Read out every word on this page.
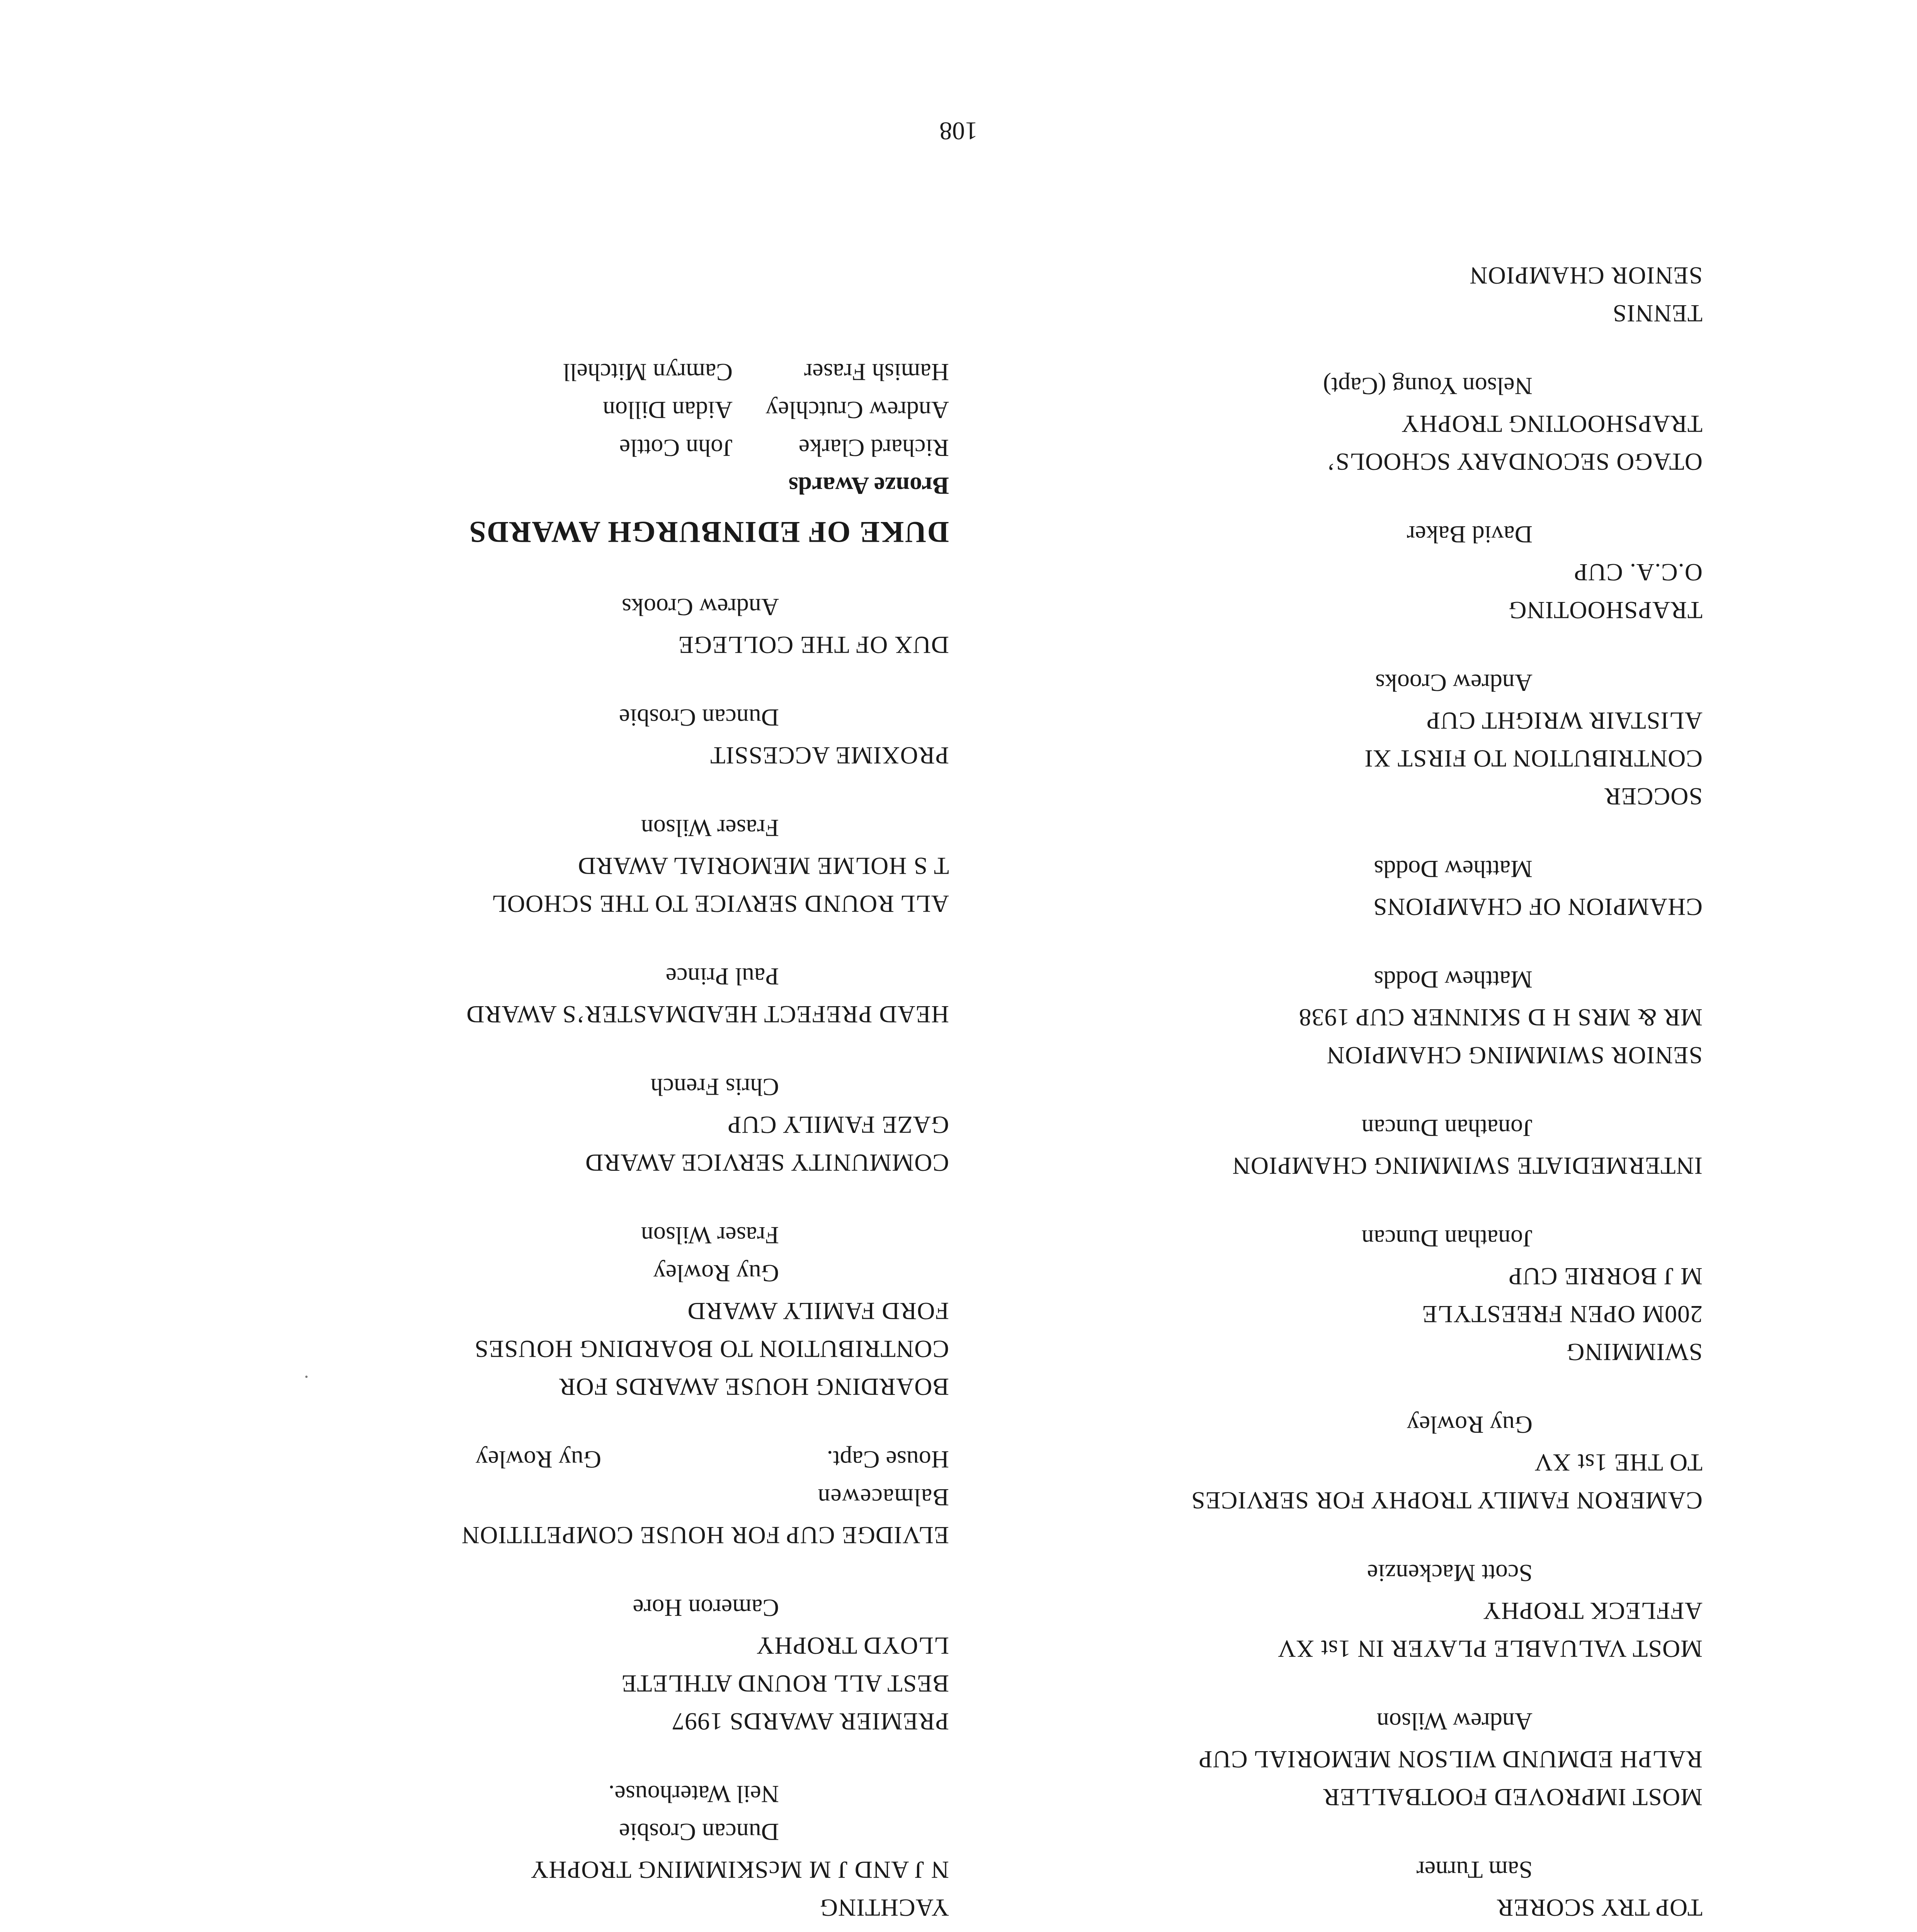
TOP TRY SCORER

Sam Turner

MOST IMPROVED FOOTBALLER

RALPH EDMUND WILSON MEMORIAL CUP

Andrew Wilson

MOST VALUABLE PLAYER IN 1st XV

AFFLECK TROPHY

Scott Mackenzie

CAMERON FAMILY TROPHY FOR SERVICES

TO THE 1st XV

Guy Rowley

SWIMMING

200M OPEN FREESTYLE

M J BORRIE CUP

Jonathan Duncan

INTERMEDIATE SWIMMING CHAMPION

Jonathan Duncan

SENIOR SWIMMING CHAMPION

MR & MRS H D SKINNER CUP 1938

Matthew Dodds

CHAMPION OF CHAMPIONS

Matthew Dodds

SOCCER

CONTRIBUTION TO FIRST XI

ALISTAIR WRIGHT CUP

Andrew Crooks

TRAPSHOOTING

O.C.A. CUP

David Baker

OTAGO SECONDARY SCHOOLS’

TRAPSHOOTING TROPHY

Nelson Young (Capt)

TENNIS

SENIOR CHAMPION

YACHTING

N J AND J M McSKIMMING TROPHY

Duncan Crosbie

Neil Waterhouse.

PREMIER AWARDS 1997

BEST ALL ROUND ATHLETE

LLOYD TROPHY

Cameron Hore

ELVIDGE CUP FOR HOUSE COMPETITION

Balmacewen

House Capt.
Guy Rowley

BOARDING HOUSE AWARDS FOR

CONTRIBUTION TO BOARDING HOUSES

FORD FAMILY AWARD

Guy Rowley

Fraser Wilson

COMMUNITY SERVICE AWARD

GAZE FAMILY CUP

Chris French

HEAD PREFECT HEADMASTER’S AWARD

Paul Prince

ALL ROUND SERVICE TO THE SCHOOL

T S HOLME MEMORIAL AWARD

Fraser Wilson

PROXIME ACCESSIT

Duncan Crosbie

DUX OF THE COLLEGE

Andrew Crooks

DUKE OF EDINBURGH AWARDS

Bronze Awards

Richard Clarke
John Cottle
Andrew Crutchley
Aidan Dillon
Hamish Fraser
Camryn Mitchell
108
